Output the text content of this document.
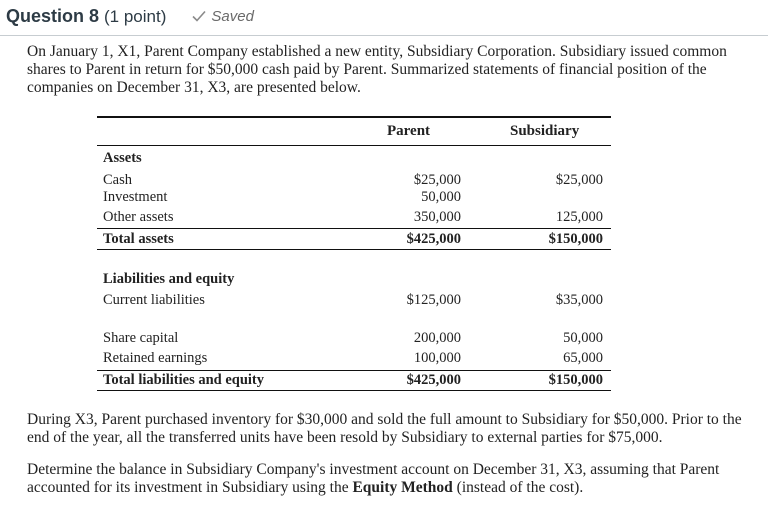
Question 8 (1 point)	Saved
On January 1, X1, Parent Company established a new entity, Subsidiary Corporation. Subsidiary issued common shares to Parent in return for $50,000 cash paid by Parent. Summarized statements of financial position of the companies on December 31, X3, are presented below.
Parent	Subsidiary
Assets
Cash	$25,000	$25,000
Investment	50,000
Other assets	350,000	125,000
Total assets	$425,000	$150,000
Liabilities and equity
Current liabilities	$125,000	$35,000
Share capital	200,000	50,000
Retained earnings	100,000	65,000
Total liabilities and equity	$425,000	$150,000
During X3, Parent purchased inventory for $30,000 and sold the full amount to Subsidiary for $50,000. Prior to the end of the year, all the transferred units have been resold by Subsidiary to external parties for $75,000.
Determine the balance in Subsidiary Company's investment account on December 31, X3, assuming that Parent accounted for its investment in Subsidiary using the Equity Method (instead of the cost).
